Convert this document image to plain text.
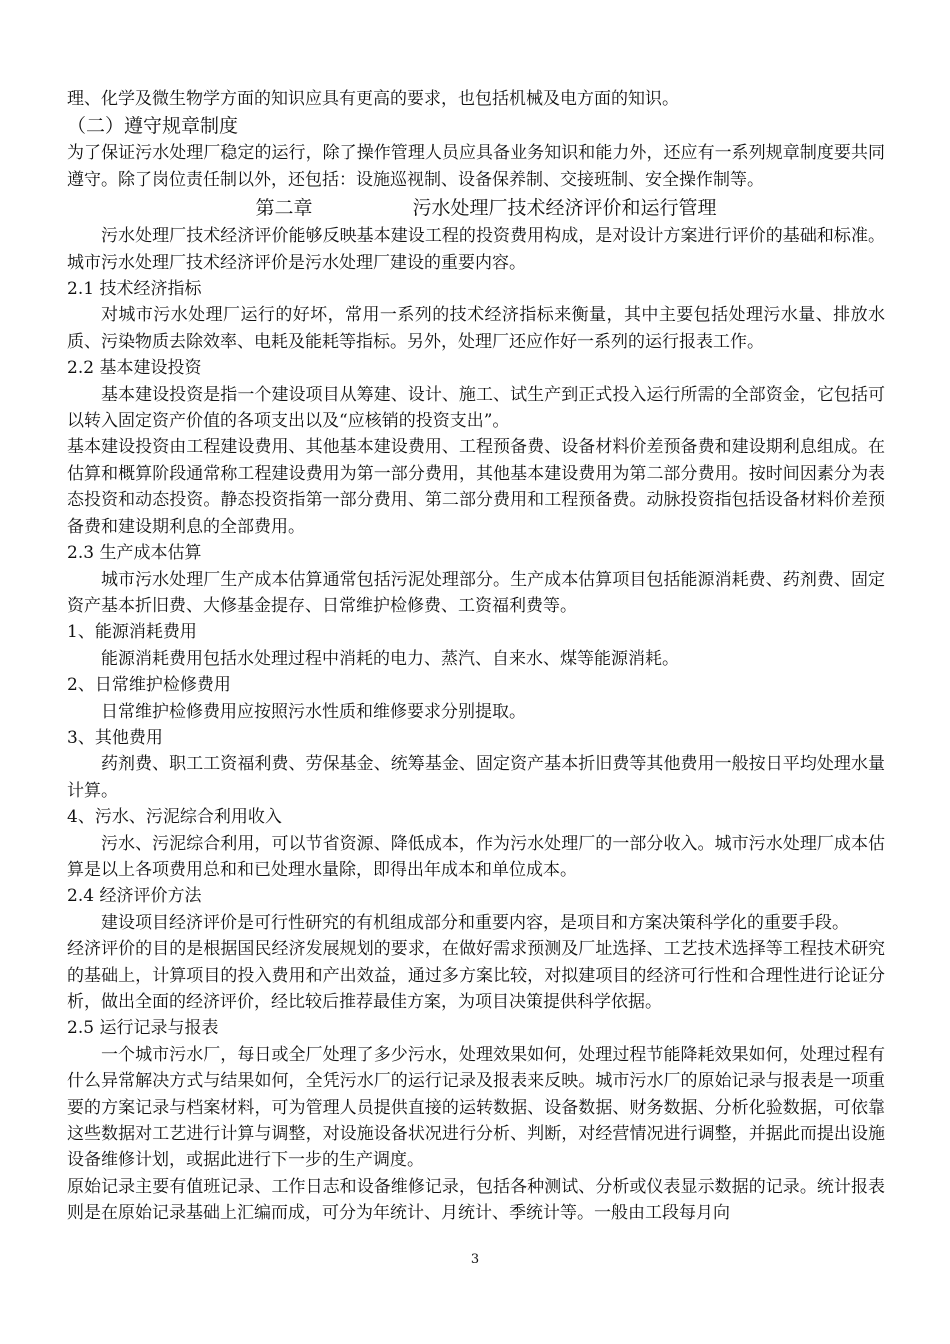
理、化学及微生物学方面的知识应具有更高的要求，也包括机械及电方面的知识。

（二）遵守规章制度

为了保证污水处理厂稳定的运行，除了操作管理人员应具备业务知识和能力外，还应有一系列规章制度要共同遵守。除了岗位责任制以外，还包括：设施巡视制、设备保养制、交接班制、安全操作制等。

第二章	污水处理厂技术经济评价和运行管理

污水处理厂技术经济评价能够反映基本建设工程的投资费用构成，是对设计方案进行评价的基础和标准。城市污水处理厂技术经济评价是污水处理厂建设的重要内容。

2.1 技术经济指标

对城市污水处理厂运行的好坏，常用一系列的技术经济指标来衡量，其中主要包括处理污水量、排放水质、污染物质去除效率、电耗及能耗等指标。另外，处理厂还应作好一系列的运行报表工作。

2.2 基本建设投资

基本建设投资是指一个建设项目从筹建、设计、施工、试生产到正式投入运行所需的全部资金，它包括可以转入固定资产价值的各项支出以及“应核销的投资支出”。

基本建设投资由工程建设费用、其他基本建设费用、工程预备费、设备材料价差预备费和建设期利息组成。在估算和概算阶段通常称工程建设费用为第一部分费用，其他基本建设费用为第二部分费用。按时间因素分为表态投资和动态投资。静态投资指第一部分费用、第二部分费用和工程预备费。动脉投资指包括设备材料价差预备费和建设期利息的全部费用。

2.3 生产成本估算

城市污水处理厂生产成本估算通常包括污泥处理部分。生产成本估算项目包括能源消耗费、药剂费、固定资产基本折旧费、大修基金提存、日常维护检修费、工资福利费等。

1、能源消耗费用

能源消耗费用包括水处理过程中消耗的电力、蒸汽、自来水、煤等能源消耗。

2、日常维护检修费用

日常维护检修费用应按照污水性质和维修要求分别提取。

3、其他费用

药剂费、职工工资福利费、劳保基金、统筹基金、固定资产基本折旧费等其他费用一般按日平均处理水量计算。

4、污水、污泥综合利用收入

污水、污泥综合利用，可以节省资源、降低成本，作为污水处理厂的一部分收入。城市污水处理厂成本估算是以上各项费用总和和已处理水量除，即得出年成本和单位成本。

2.4 经济评价方法

建设项目经济评价是可行性研究的有机组成部分和重要内容，是项目和方案决策科学化的重要手段。

经济评价的目的是根据国民经济发展规划的要求，在做好需求预测及厂址选择、工艺技术选择等工程技术研究的基础上，计算项目的投入费用和产出效益，通过多方案比较，对拟建项目的经济可行性和合理性进行论证分析，做出全面的经济评价，经比较后推荐最佳方案，为项目决策提供科学依据。

2.5 运行记录与报表

一个城市污水厂，每日或全厂处理了多少污水，处理效果如何，处理过程节能降耗效果如何，处理过程有什么异常解决方式与结果如何，全凭污水厂的运行记录及报表来反映。城市污水厂的原始记录与报表是一项重要的方案记录与档案材料，可为管理人员提供直接的运转数据、设备数据、财务数据、分析化验数据，可依靠这些数据对工艺进行计算与调整，对设施设备状况进行分析、判断，对经营情况进行调整，并据此而提出设施设备维修计划，或据此进行下一步的生产调度。

原始记录主要有值班记录、工作日志和设备维修记录，包括各种测试、分析或仪表显示数据的记录。统计报表则是在原始记录基础上汇编而成，可分为年统计、月统计、季统计等。一般由工段每月向

3
